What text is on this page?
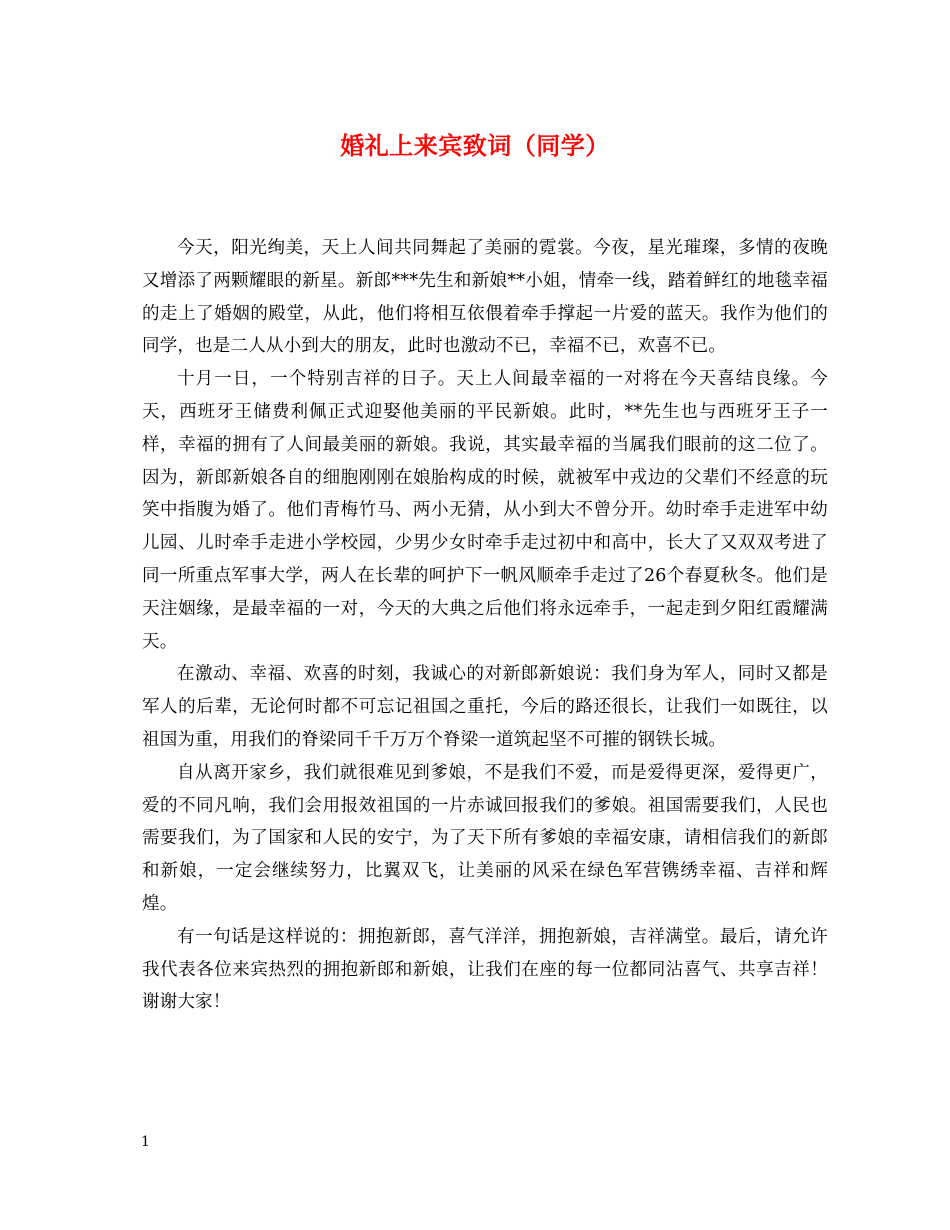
婚礼上来宾致词（同学）

今天，阳光绚美，天上人间共同舞起了美丽的霓裳。今夜，星光璀璨，多情的夜晚又增添了两颗耀眼的新星。新郎***先生和新娘**小姐，情牵一线，踏着鲜红的地毯幸福的走上了婚姻的殿堂，从此，他们将相互依偎着牵手撑起一片爱的蓝天。我作为他们的同学，也是二人从小到大的朋友，此时也激动不已，幸福不已，欢喜不已。

十月一日，一个特别吉祥的日子。天上人间最幸福的一对将在今天喜结良缘。今天，西班牙王储费利佩正式迎娶他美丽的平民新娘。此时，**先生也与西班牙王子一样，幸福的拥有了人间最美丽的新娘。我说，其实最幸福的当属我们眼前的这二位了。因为，新郎新娘各自的细胞刚刚在娘胎构成的时候，就被军中戎边的父辈们不经意的玩笑中指腹为婚了。他们青梅竹马、两小无猜，从小到大不曾分开。幼时牵手走进军中幼儿园、儿时牵手走进小学校园，少男少女时牵手走过初中和高中，长大了又双双考进了同一所重点军事大学，两人在长辈的呵护下一帆风顺牵手走过了26个春夏秋冬。他们是天注姻缘，是最幸福的一对，今天的大典之后他们将永远牵手，一起走到夕阳红霞耀满天。

在激动、幸福、欢喜的时刻，我诚心的对新郎新娘说：我们身为军人，同时又都是军人的后辈，无论何时都不可忘记祖国之重托，今后的路还很长，让我们一如既往，以祖国为重，用我们的脊梁同千千万万个脊梁一道筑起坚不可摧的钢铁长城。

自从离开家乡，我们就很难见到爹娘，不是我们不爱，而是爱得更深，爱得更广，爱的不同凡响，我们会用报效祖国的一片赤诚回报我们的爹娘。祖国需要我们，人民也需要我们，为了国家和人民的安宁，为了天下所有爹娘的幸福安康，请相信我们的新郎和新娘，一定会继续努力，比翼双飞，让美丽的风采在绿色军营镌绣幸福、吉祥和辉煌。

有一句话是这样说的：拥抱新郎，喜气洋洋，拥抱新娘，吉祥满堂。最后，请允许我代表各位来宾热烈的拥抱新郎和新娘，让我们在座的每一位都同沾喜气、共享吉祥！　　　谢谢大家！

1
